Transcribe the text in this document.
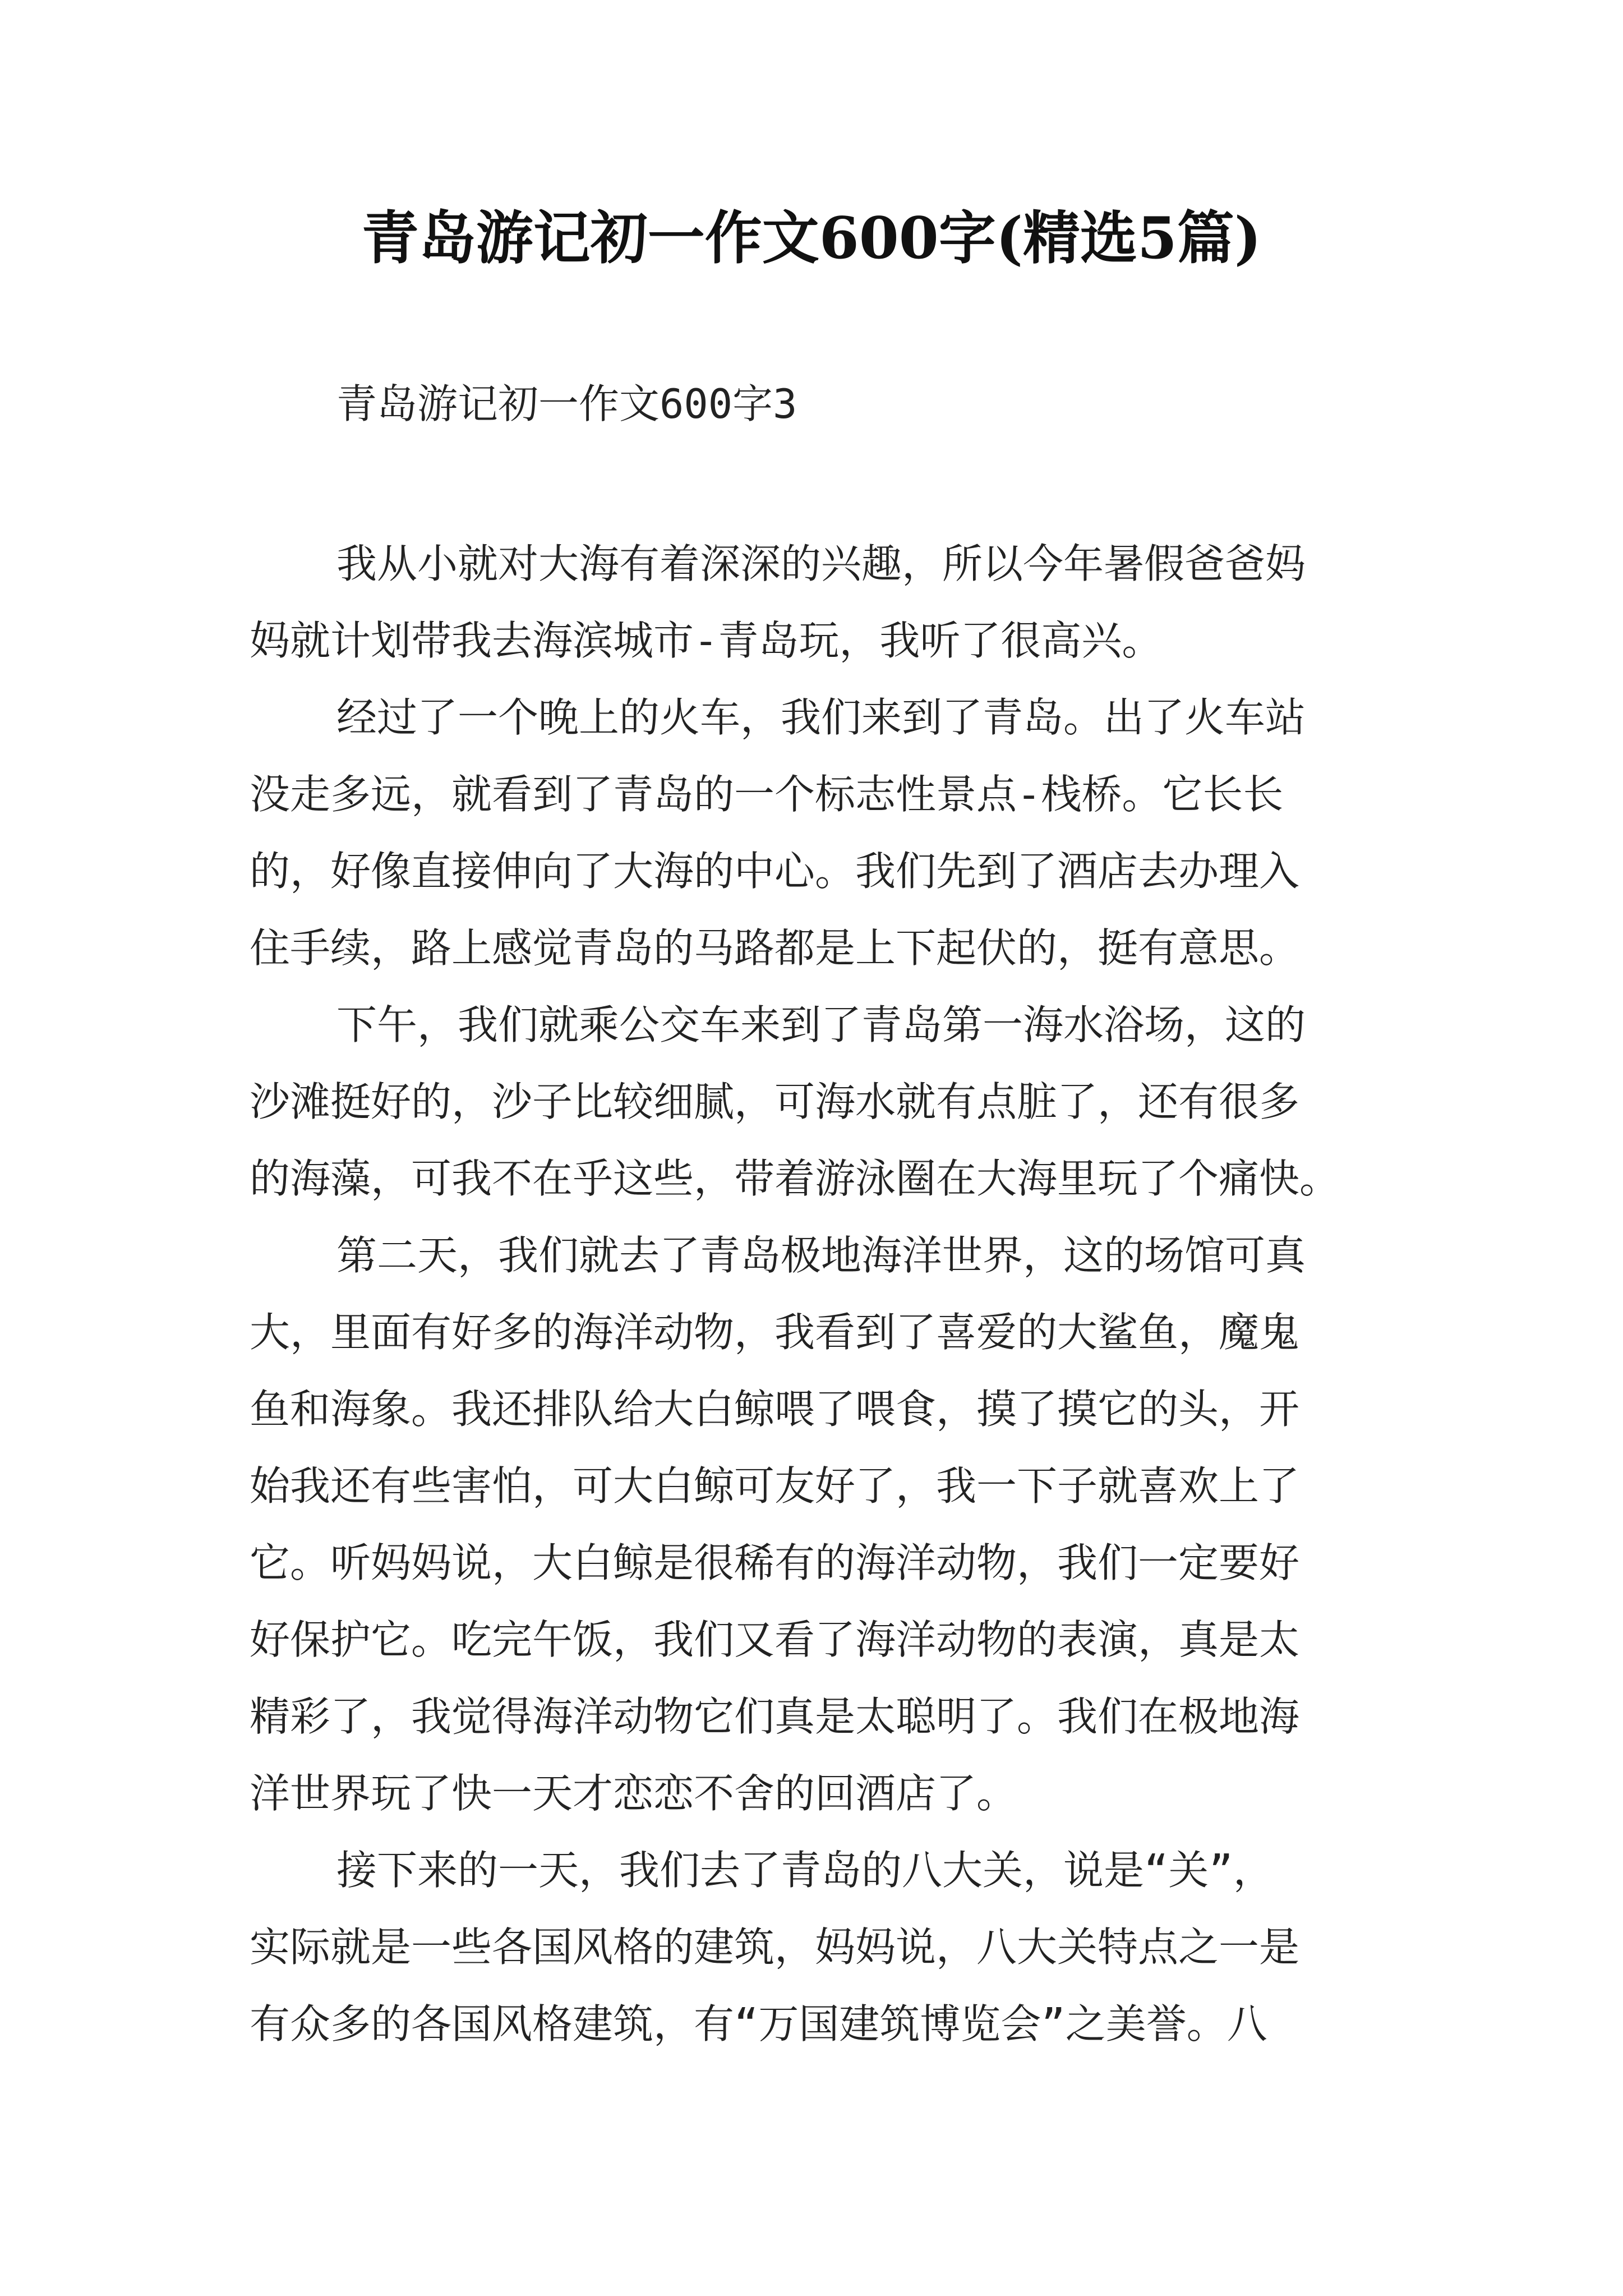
青岛游记初一作文600字(精选5篇)
青岛游记初一作文600字3
我从小就对大海有着深深的兴趣，所以今年暑假爸爸妈
妈就计划带我去海滨城市-青岛玩，我听了很高兴。
经过了一个晚上的火车，我们来到了青岛。出了火车站
没走多远，就看到了青岛的一个标志性景点-栈桥。它长长
的，好像直接伸向了大海的中心。我们先到了酒店去办理入
住手续，路上感觉青岛的马路都是上下起伏的，挺有意思。
下午，我们就乘公交车来到了青岛第一海水浴场，这的
沙滩挺好的，沙子比较细腻，可海水就有点脏了，还有很多
的海藻，可我不在乎这些，带着游泳圈在大海里玩了个痛快。
第二天，我们就去了青岛极地海洋世界，这的场馆可真
大，里面有好多的海洋动物，我看到了喜爱的大鲨鱼，魔鬼
鱼和海象。我还排队给大白鲸喂了喂食，摸了摸它的头，开
始我还有些害怕，可大白鲸可友好了，我一下子就喜欢上了
它。听妈妈说，大白鲸是很稀有的海洋动物，我们一定要好
好保护它。吃完午饭，我们又看了海洋动物的表演，真是太
精彩了，我觉得海洋动物它们真是太聪明了。我们在极地海
洋世界玩了快一天才恋恋不舍的回酒店了。
接下来的一天，我们去了青岛的八大关，说是“关”，
实际就是一些各国风格的建筑，妈妈说，八大关特点之一是
有众多的各国风格建筑，有“万国建筑博览会”之美誉。八
